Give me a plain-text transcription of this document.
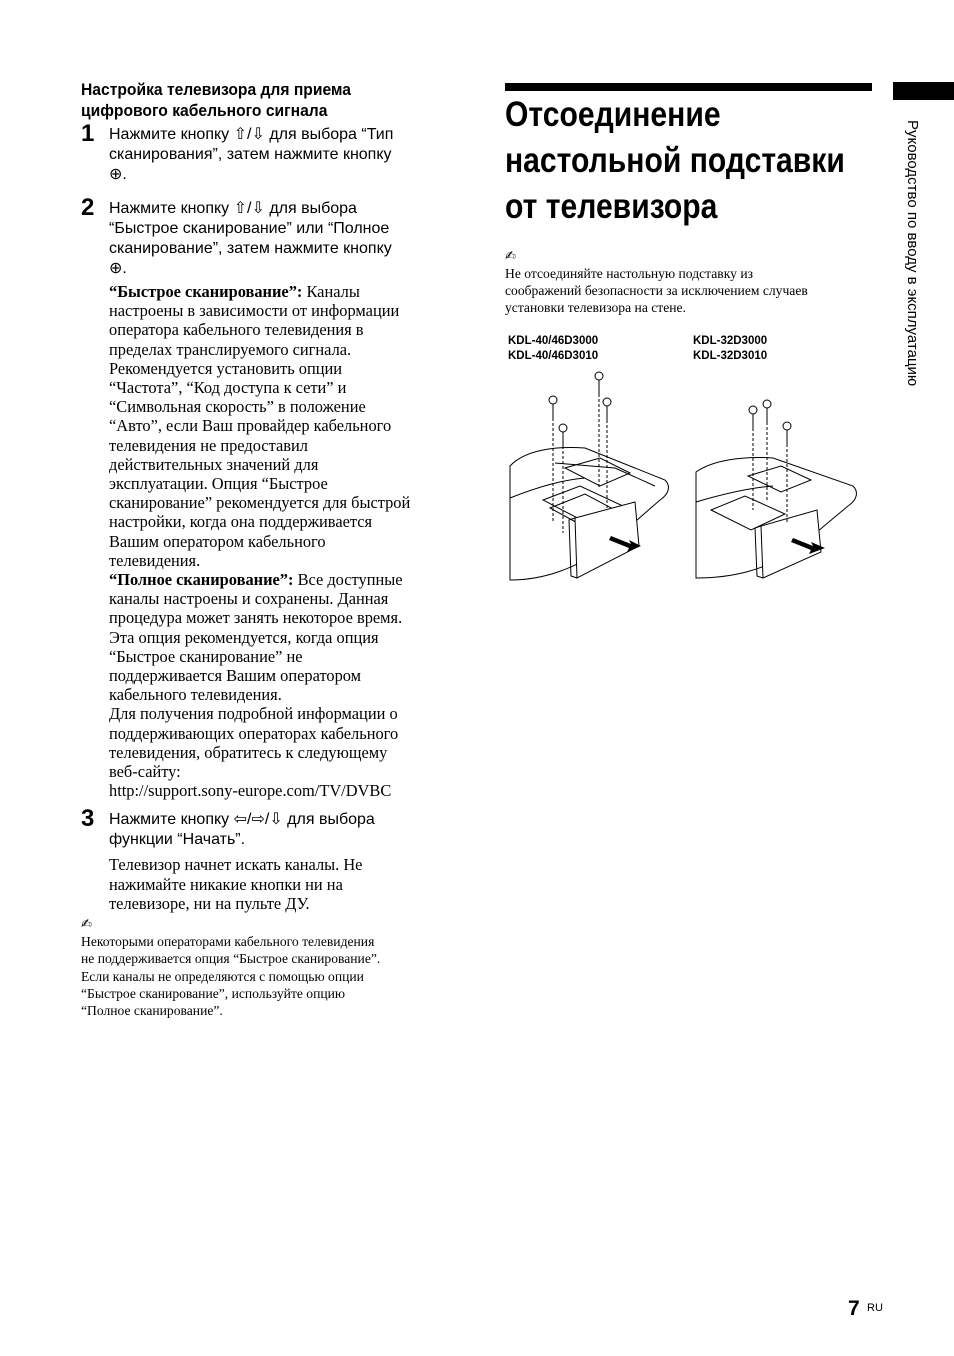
Настройка телевизора для приема
цифрового кабельного сигнала
1 Нажмите кнопку ⇧/⇩ для выбора “Тип
сканирования”, затем нажмите кнопку
⊕.
2 Нажмите кнопку ⇧/⇩ для выбора
“Быстрое сканирование” или “Полное
сканирование”, затем нажмите кнопку
⊕.
“Быстрое сканирование”: Каналы
настроены в зависимости от информации
оператора кабельного телевидения в
пределах транслируемого сигнала.
Рекомендуется установить опции
“Частота”, “Код доступа к сети” и
“Символьная скорость” в положение
“Авто”, если Ваш провайдер кабельного
телевидения не предоставил
действительных значений для
эксплуатации. Опция “Быстрое
сканирование” рекомендуется для быстрой
настройки, когда она поддерживается
Вашим оператором кабельного
телевидения.
“Полное сканирование”: Все доступные
каналы настроены и сохранены. Данная
процедура может занять некоторое время.
Эта опция рекомендуется, когда опция
“Быстрое сканирование” не
поддерживается Вашим оператором
кабельного телевидения.
Для получения подробной информации о
поддерживающих операторах кабельного
телевидения, обратитесь к следующему
веб-сайту:
http://support.sony-europe.com/TV/DVBC
3 Нажмите кнопку ⇦/⇨/⇩ для выбора
функции “Начать”.
Телевизор начнет искать каналы. Не
нажимайте никакие кнопки ни на
телевизоре, ни на пульте ДУ.
✍
Некоторыми операторами кабельного телевидения
не поддерживается опция “Быстрое сканирование”.
Если каналы не определяются с помощью опции
“Быстрое сканирование”, используйте опцию
“Полное сканирование”.
Отсоединение
настольной подставки
от телевизора
✍
Не отсоединяйте настольную подставку из
соображений безопасности за исключением случаев
установки телевизора на стене.
KDL-40/46D3000
KDL-40/46D3010
KDL-32D3000
KDL-32D3010	Руководство по вводу в эксплуатацию
7 RU
